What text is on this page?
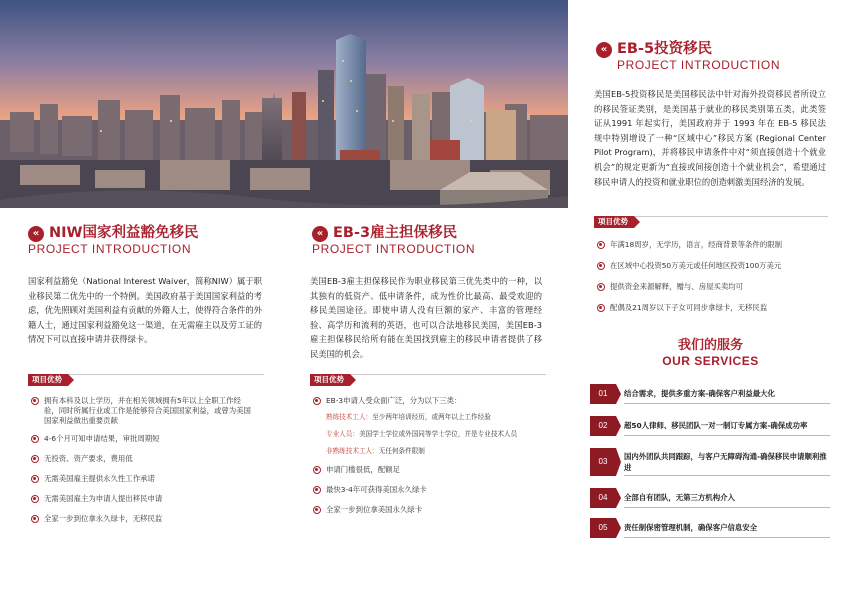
« EB-5投资移民
PROJECT INTRODUCTION
美国EB-5投资移民是美国移民法中针对海外投资移民者所设立的移民签证类别，是美国基于就业的移民类别第五类，此类签证从1991 年起实行，美国政府并于 1993 年在 EB-5 移民法规中特别增设了一种“区域中心”移民方案 (Regional Center Pilot Program)，并将移民申请条件中对“须直接创造十个就业机会”的规定更新为“直接或间接创造十个就业机会”，希望通过移民申请人的投资和就业职位的创造刺激美国经济的发展。
项目优势
年满18周岁，无学历，语言，经商背景等条件的限制
在区域中心投资50万美元或任何地区投资100万美元
提供资金来源解释，赠与、房屋买卖均可
配偶及21周岁以下子女可同步拿绿卡，无移民监
« NIW国家利益豁免移民
PROJECT INTRODUCTION
国家利益豁免（National Interest Waiver，简称NIW）属于职业移民第二优先中的一个特例。美国政府基于美国国家利益的考虑，优先照顾对美国利益有贡献的外籍人士，使得符合条件的外籍人士，通过国家利益豁免这一渠道，在无需雇主以及劳工证的情况下可以直接申请并获得绿卡。
项目优势
拥有本科及以上学历，并在相关领域拥有5年以上全职工作经验，同时所属行业或工作是能够符合美国国家利益，或曾为美国国家利益做出重要贡献
4-6个月可知申请结果，审批周期短
无投资、资产要求，费用低
无需美国雇主提供永久性工作承诺
无需美国雇主为申请人提出移民申请
全家一步到位拿永久绿卡，无移民监
« EB-3雇主担保移民
PROJECT INTRODUCTION
美国EB-3雇主担保移民作为职业移民第三优先类中的一种，以其独有的低资产、低申请条件，成为性价比最高、最受欢迎的移民美国途径。即使申请人没有巨额的家产、丰富的管理经验、高学历和流利的英语，也可以合法地移民美国，美国EB-3雇主担保移民给所有能在美国找到雇主的移民申请者提供了移民美国的机会。
项目优势
EB-3申请人受众面广泛，分为以下三类：
熟练技术工人：至少两年培训经历，或两年以上工作经验
专业人员：美国学士学位或外国同等学士学位，并是专业技术人员
非熟练技术工人：无任何条件限制
申请门槛很低，配额足
最快3-4年可获得美国永久绿卡
全家一步到位拿美国永久绿卡
我们的服务
OUR SERVICES
01	结合需求，提供多重方案-确保客户利益最大化
02	超50人律师、移民团队一对一制订专属方案-确保成功率
03
国内外团队共同跟踪，与客户无障碍沟通-确保移民申请顺利推进
04	全部自有团队，无第三方机构介入
05	责任制保密管理机制，确保客户信息安全
